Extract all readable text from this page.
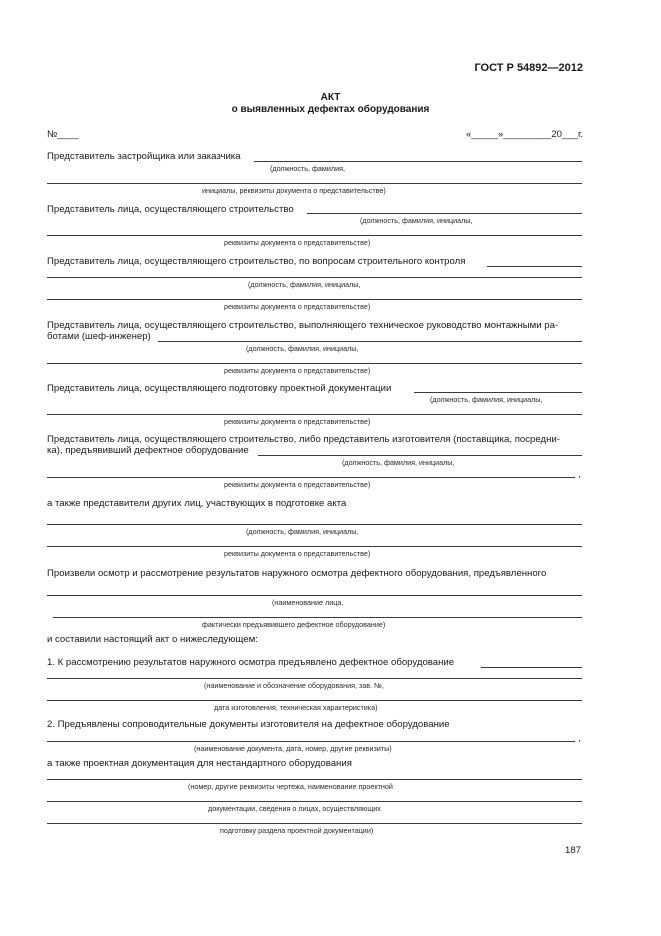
ГОСТ Р 54892—2012
АКТ
о выявленных дефектах оборудования
№____	«_____»_________20___г.
Представитель застройщика или заказчика
(должность, фамилия,
инициалы, реквизиты документа о представительстве)
Представитель лица, осуществляющего строительство
(должность, фамилия, инициалы,
реквизиты документа о представительстве)
Представитель лица, осуществляющего строительство, по вопросам строительного контроля
(должность, фамилия, инициалы,
реквизиты документа о представительстве)
Представитель лица, осуществляющего строительство, выполняющего техническое руководство монтажными ра-
ботами (шеф-инженер)
(должность, фамилия, инициалы,
реквизиты документа о представительстве)
Представитель лица, осуществляющего подготовку проектной документации
(должность, фамилия, инициалы,
реквизиты документа о представительстве)
Представитель лица, осуществляющего строительство, либо представитель изготовителя (поставщика, посредни-
ка), предъявивший дефектное оборудование
(должность, фамилия, инициалы,
,
реквизиты документа о представительстве)
а также представители других лиц, участвующих в подготовке акта
(должность, фамилия, инициалы,
реквизиты документа о представительстве)
Произвели осмотр и рассмотрение результатов наружного осмотра дефектного оборудования, предъявленного
(наименование лица,
фактически предъявившего дефектное оборудование)
и составили настоящий акт о нижеследующем:
1. К рассмотрению результатов наружного осмотра предъявлено дефектное оборудование
(наименование и обозначение оборудования, зав. №,
дата изготовления, техническая характеристика)
2. Предъявлены сопроводительные документы изготовителя на дефектное оборудование
,
(наименование документа, дата, номер, другие реквизиты)
а также проектная документация для нестандартного оборудования
(номер, другие реквизиты чертежа, наименование проектной
документации, сведения о лицах, осуществляющих
подготовку раздела проектной документации)
187
